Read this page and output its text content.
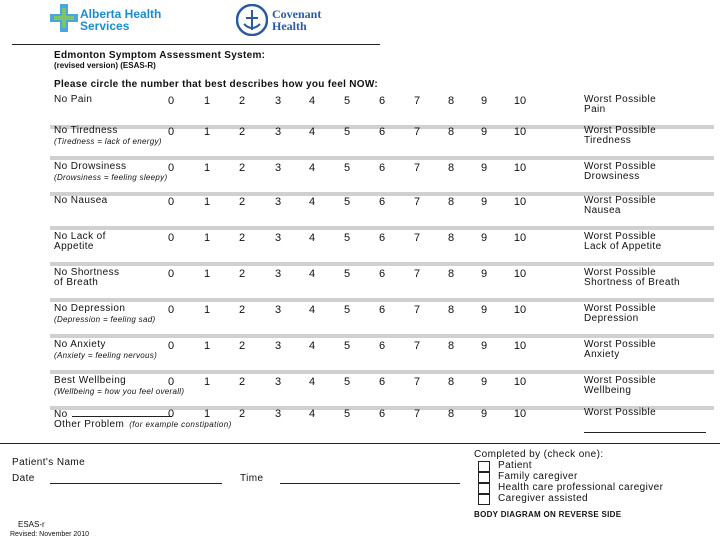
Alberta Health
Services
Covenant
Health
Edmonton Symptom Assessment System:
(revised version) (ESAS-R)
Please circle the number that best describes how you feel NOW:
No Pain	0	1	2	3	4	5	6	7	8	9	10	Worst Possible
Pain
No Tiredness
(Tiredness = lack of energy)
0	1	2	3	4	5	6	7	8	9	10	Worst Possible
Tiredness
No Drowsiness
(Drowsiness = feeling sleepy)
0	1	2	3	4	5	6	7	8	9	10	Worst Possible
Drowsiness
No Nausea	0	1	2	3	4	5	6	7	8	9	10	Worst Possible
Nausea
No Lack of
Appetite
0	1	2	3	4	5	6	7	8	9	10	Worst Possible
Lack of Appetite
No Shortness
of Breath
0	1	2	3	4	5	6	7	8	9	10	Worst Possible
Shortness of Breath
No Depression
(Depression = feeling sad)
0	1	2	3	4	5	6	7	8	9	10	Worst Possible
Depression
No Anxiety
(Anxiety = feeling nervous)
0	1	2	3	4	5	6	7	8	9	10	Worst Possible
Anxiety
Best Wellbeing
(Wellbeing = how you feel overall)
0	1	2	3	4	5	6	7	8	9	10	Worst Possible
Wellbeing
No
Other Problem (for example constipation)
0	1	2	3	4	5	6	7	8	9	10	Worst Possible
Patient's Name
Date	Time
Completed by (check one):
Patient
Family caregiver
Health care professional caregiver
Caregiver assisted
BODY DIAGRAM ON REVERSE SIDE
ESAS-r
Revised: November 2010
